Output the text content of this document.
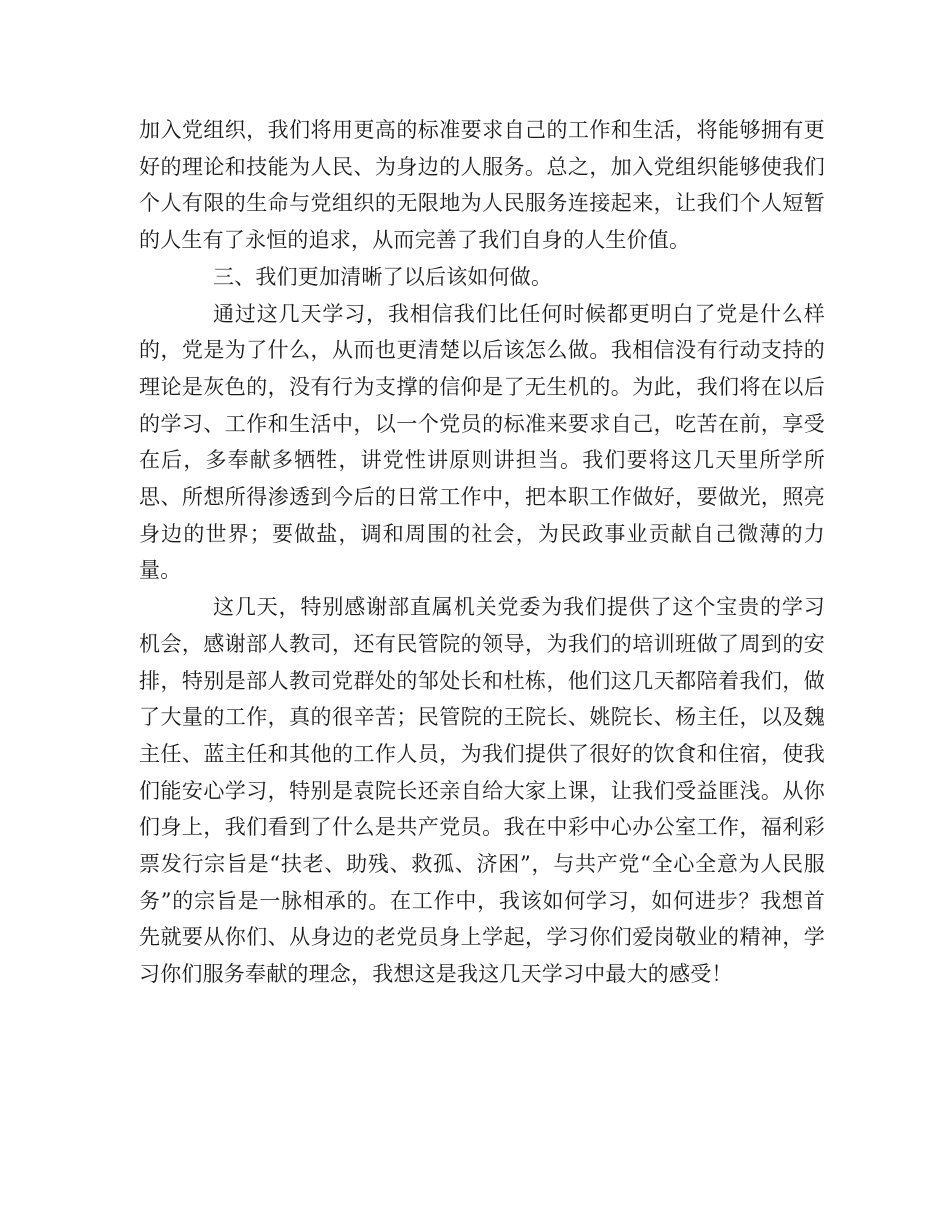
加入党组织，我们将用更高的标准要求自己的工作和生活，将能够拥有更好的理论和技能为人民、为身边的人服务。总之，加入党组织能够使我们个人有限的生命与党组织的无限地为人民服务连接起来，让我们个人短暂的人生有了永恒的追求，从而完善了我们自身的人生价值。

三、我们更加清晰了以后该如何做。

通过这几天学习，我相信我们比任何时候都更明白了党是什么样的，党是为了什么，从而也更清楚以后该怎么做。我相信没有行动支持的理论是灰色的，没有行为支撑的信仰是了无生机的。为此，我们将在以后的学习、工作和生活中，以一个党员的标准来要求自己，吃苦在前，享受在后，多奉献多牺牲，讲党性讲原则讲担当。我们要将这几天里所学所思、所想所得渗透到今后的日常工作中，把本职工作做好，要做光，照亮身边的世界；要做盐，调和周围的社会，为民政事业贡献自己微薄的力量。

这几天，特别感谢部直属机关党委为我们提供了这个宝贵的学习机会，感谢部人教司，还有民管院的领导，为我们的培训班做了周到的安排，特别是部人教司党群处的邹处长和杜栋，他们这几天都陪着我们，做了大量的工作，真的很辛苦；民管院的王院长、姚院长、杨主任，以及魏主任、蓝主任和其他的工作人员，为我们提供了很好的饮食和住宿，使我们能安心学习，特别是袁院长还亲自给大家上课，让我们受益匪浅。从你们身上，我们看到了什么是共产党员。我在中彩中心办公室工作，福利彩票发行宗旨是“扶老、助残、救孤、济困”，与共产党“全心全意为人民服务”的宗旨是一脉相承的。在工作中，我该如何学习，如何进步？我想首先就要从你们、从身边的老党员身上学起，学习你们爱岗敬业的精神，学习你们服务奉献的理念，我想这是我这几天学习中最大的感受！
